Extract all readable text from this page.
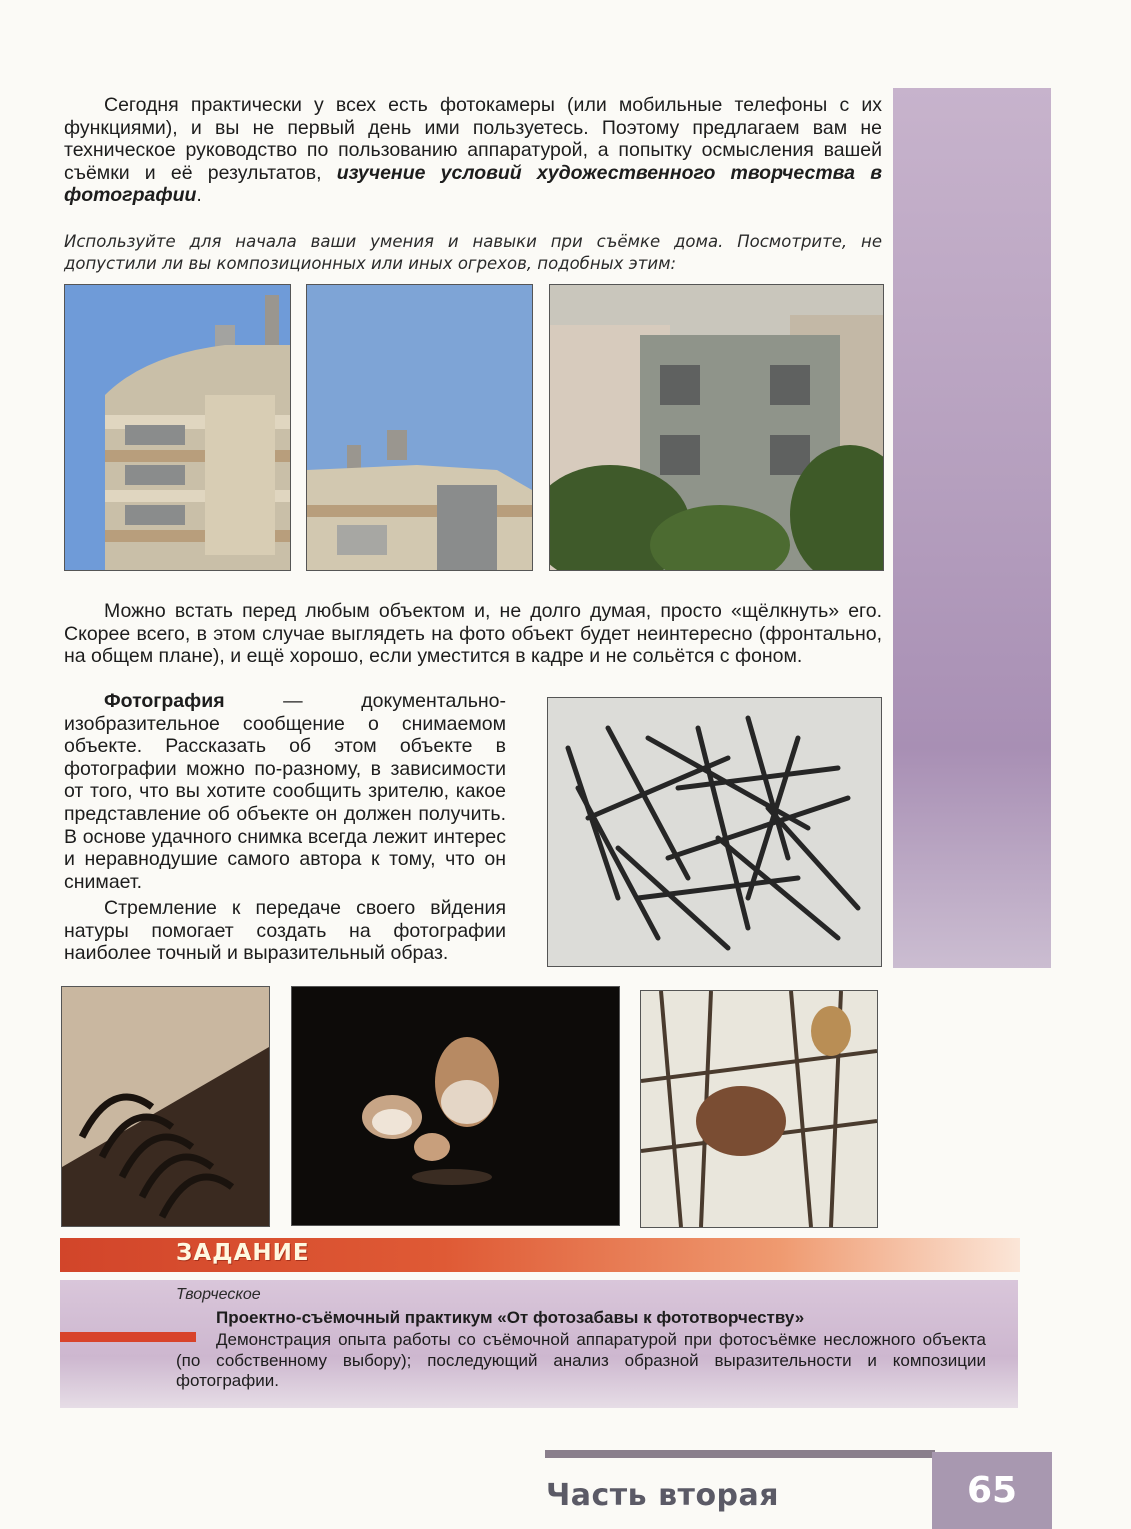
Сегодня практически у всех есть фотокамеры (или мобильные телефоны с их функциями), и вы не первый день ими пользуетесь. Поэтому предлагаем вам не техническое руководство по пользованию аппаратурой, а попытку осмысления вашей съёмки и её результатов, изучение условий художественного творчества в фотографии.

Используйте для начала ваши умения и навыки при съёмке дома. Посмотрите, не допустили ли вы композиционных или иных огрехов, подобных этим:

Можно встать перед любым объектом и, не долго думая, просто «щёлкнуть» его. Скорее всего, в этом случае выглядеть на фото объект будет неинтересно (фронтально, на общем плане), и ещё хорошо, если уместится в кадре и не сольётся с фоном.

Фотография — документально-изобразительное сообщение о снимаемом объекте. Рассказать об этом объекте в фотографии можно по-разному, в зависимости от того, что вы хотите сообщить зрителю, какое представление об объекте он должен получить. В основе удачного снимка всегда лежит интерес и неравнодушие самого автора к тому, что он снимает.

Стремление к передаче своего вйдения натуры помогает создать на фотографии наиболее точный и выразительный образ.

ЗАДАНИЕ
Творческое
Проектно-съёмочный практикум «От фотозабавы к фототворчеству»
Демонстрация опыта работы со съёмочной аппаратурой при фотосъёмке несложного объекта (по собственному выбору); последующий анализ образной выразительности и композиции фотографии.
Часть вторая	65
